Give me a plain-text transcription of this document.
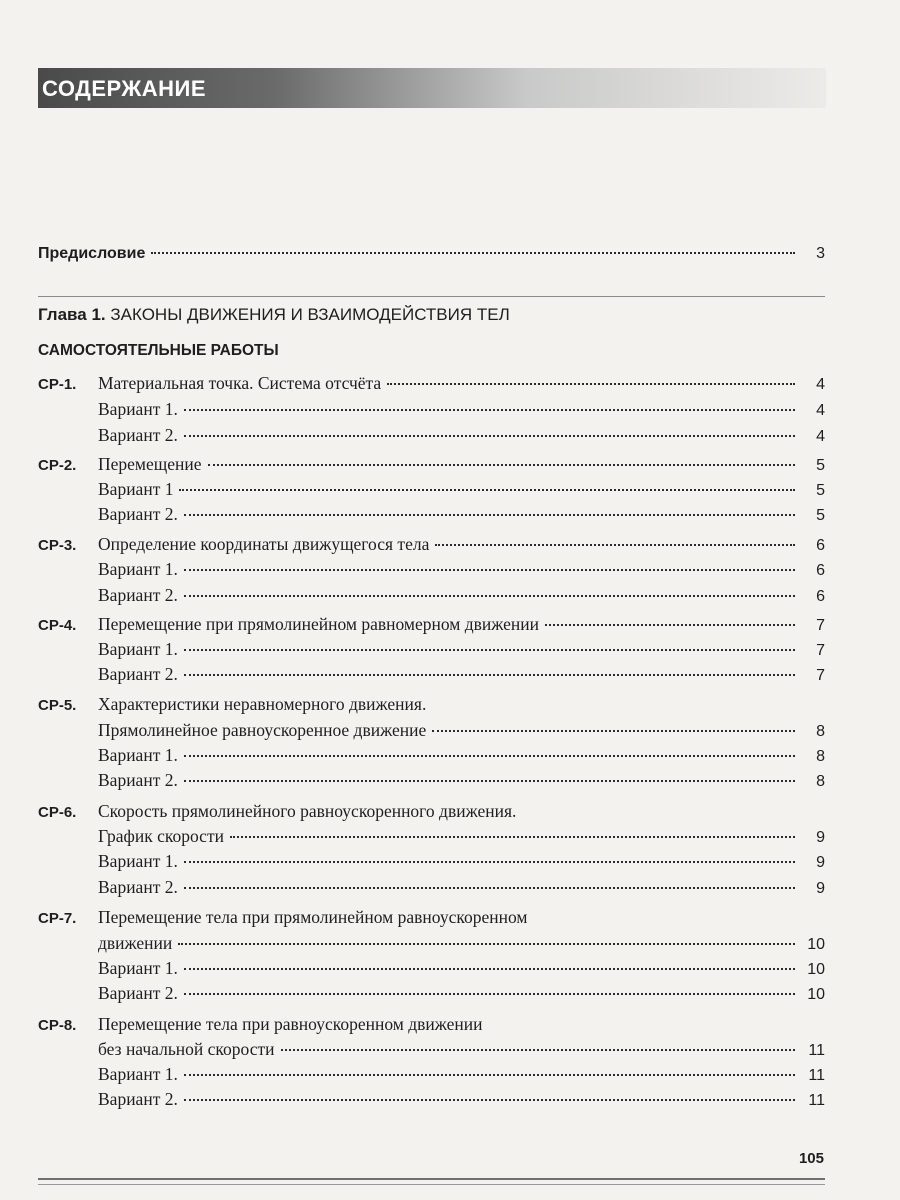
СОДЕРЖАНИЕ
Предисловие	3
Глава 1. ЗАКОНЫ ДВИЖЕНИЯ И ВЗАИМОДЕЙСТВИЯ ТЕЛ
САМОСТОЯТЕЛЬНЫЕ РАБОТЫ
СР-1.	Материальная точка. Система отсчёта	4
Вариант 1.	4
Вариант 2.	4
СР-2.	Перемещение	5
Вариант 1	5
Вариант 2.	5
СР-3.	Определение координаты движущегося тела	6
Вариант 1.	6
Вариант 2.	6
СР-4.	Перемещение при прямолинейном равномерном движении	7
Вариант 1.	7
Вариант 2.	7
СР-5. Характеристики неравномерного движения.
Прямолинейное равноускоренное движение	8
Вариант 1.	8
Вариант 2.	8
СР-6. Скорость прямолинейного равноускоренного движения.
График скорости	9
Вариант 1.	9
Вариант 2.	9
СР-7. Перемещение тела при прямолинейном равноускоренном
движении	10
Вариант 1.	10
Вариант 2.	10
СР-8. Перемещение тела при равноускоренном движении
без начальной скорости	11
Вариант 1.	11
Вариант 2.	11
105
